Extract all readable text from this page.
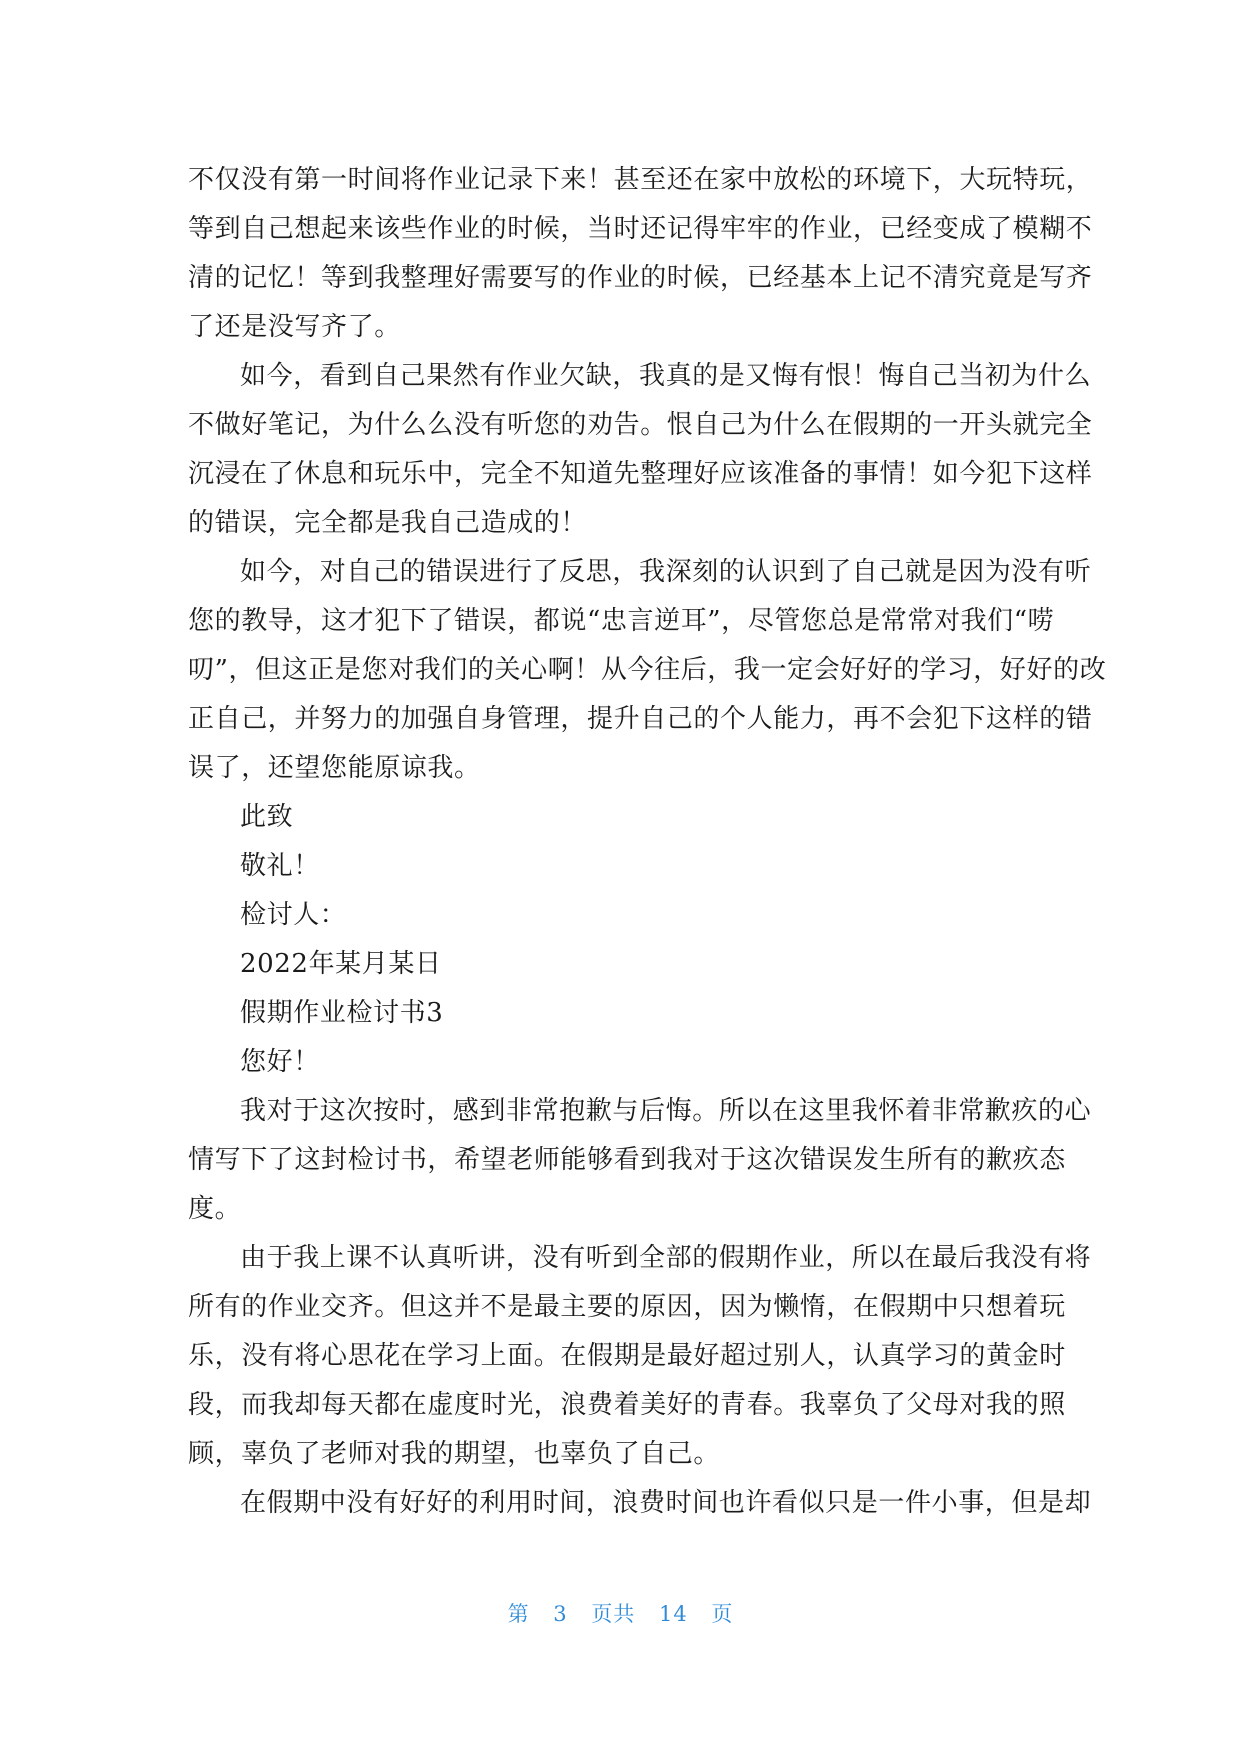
不仅没有第一时间将作业记录下来！甚至还在家中放松的环境下，大玩特玩，
等到自己想起来该些作业的时候，当时还记得牢牢的作业，已经变成了模糊不
清的记忆！等到我整理好需要写的作业的时候，已经基本上记不清究竟是写齐
了还是没写齐了。
如今，看到自己果然有作业欠缺，我真的是又悔有恨！悔自己当初为什么
不做好笔记，为什么么没有听您的劝告。恨自己为什么在假期的一开头就完全
沉浸在了休息和玩乐中，完全不知道先整理好应该准备的事情！如今犯下这样
的错误，完全都是我自己造成的！
如今，对自己的错误进行了反思，我深刻的认识到了自己就是因为没有听
您的教导，这才犯下了错误，都说“忠言逆耳”，尽管您总是常常对我们“唠
叨”，但这正是您对我们的关心啊！从今往后，我一定会好好的学习，好好的改
正自己，并努力的加强自身管理，提升自己的个人能力，再不会犯下这样的错
误了，还望您能原谅我。
此致
敬礼！
检讨人：
2022年某月某日
假期作业检讨书3
您好！
我对于这次按时，感到非常抱歉与后悔。所以在这里我怀着非常歉疚的心
情写下了这封检讨书，希望老师能够看到我对于这次错误发生所有的歉疚态
度。
由于我上课不认真听讲，没有听到全部的假期作业，所以在最后我没有将
所有的作业交齐。但这并不是最主要的原因，因为懒惰，在假期中只想着玩
乐，没有将心思花在学习上面。在假期是最好超过别人，认真学习的黄金时
段，而我却每天都在虚度时光，浪费着美好的青春。我辜负了父母对我的照
顾，辜负了老师对我的期望，也辜负了自己。
在假期中没有好好的利用时间，浪费时间也许看似只是一件小事，但是却
第 3 页共 14 页
